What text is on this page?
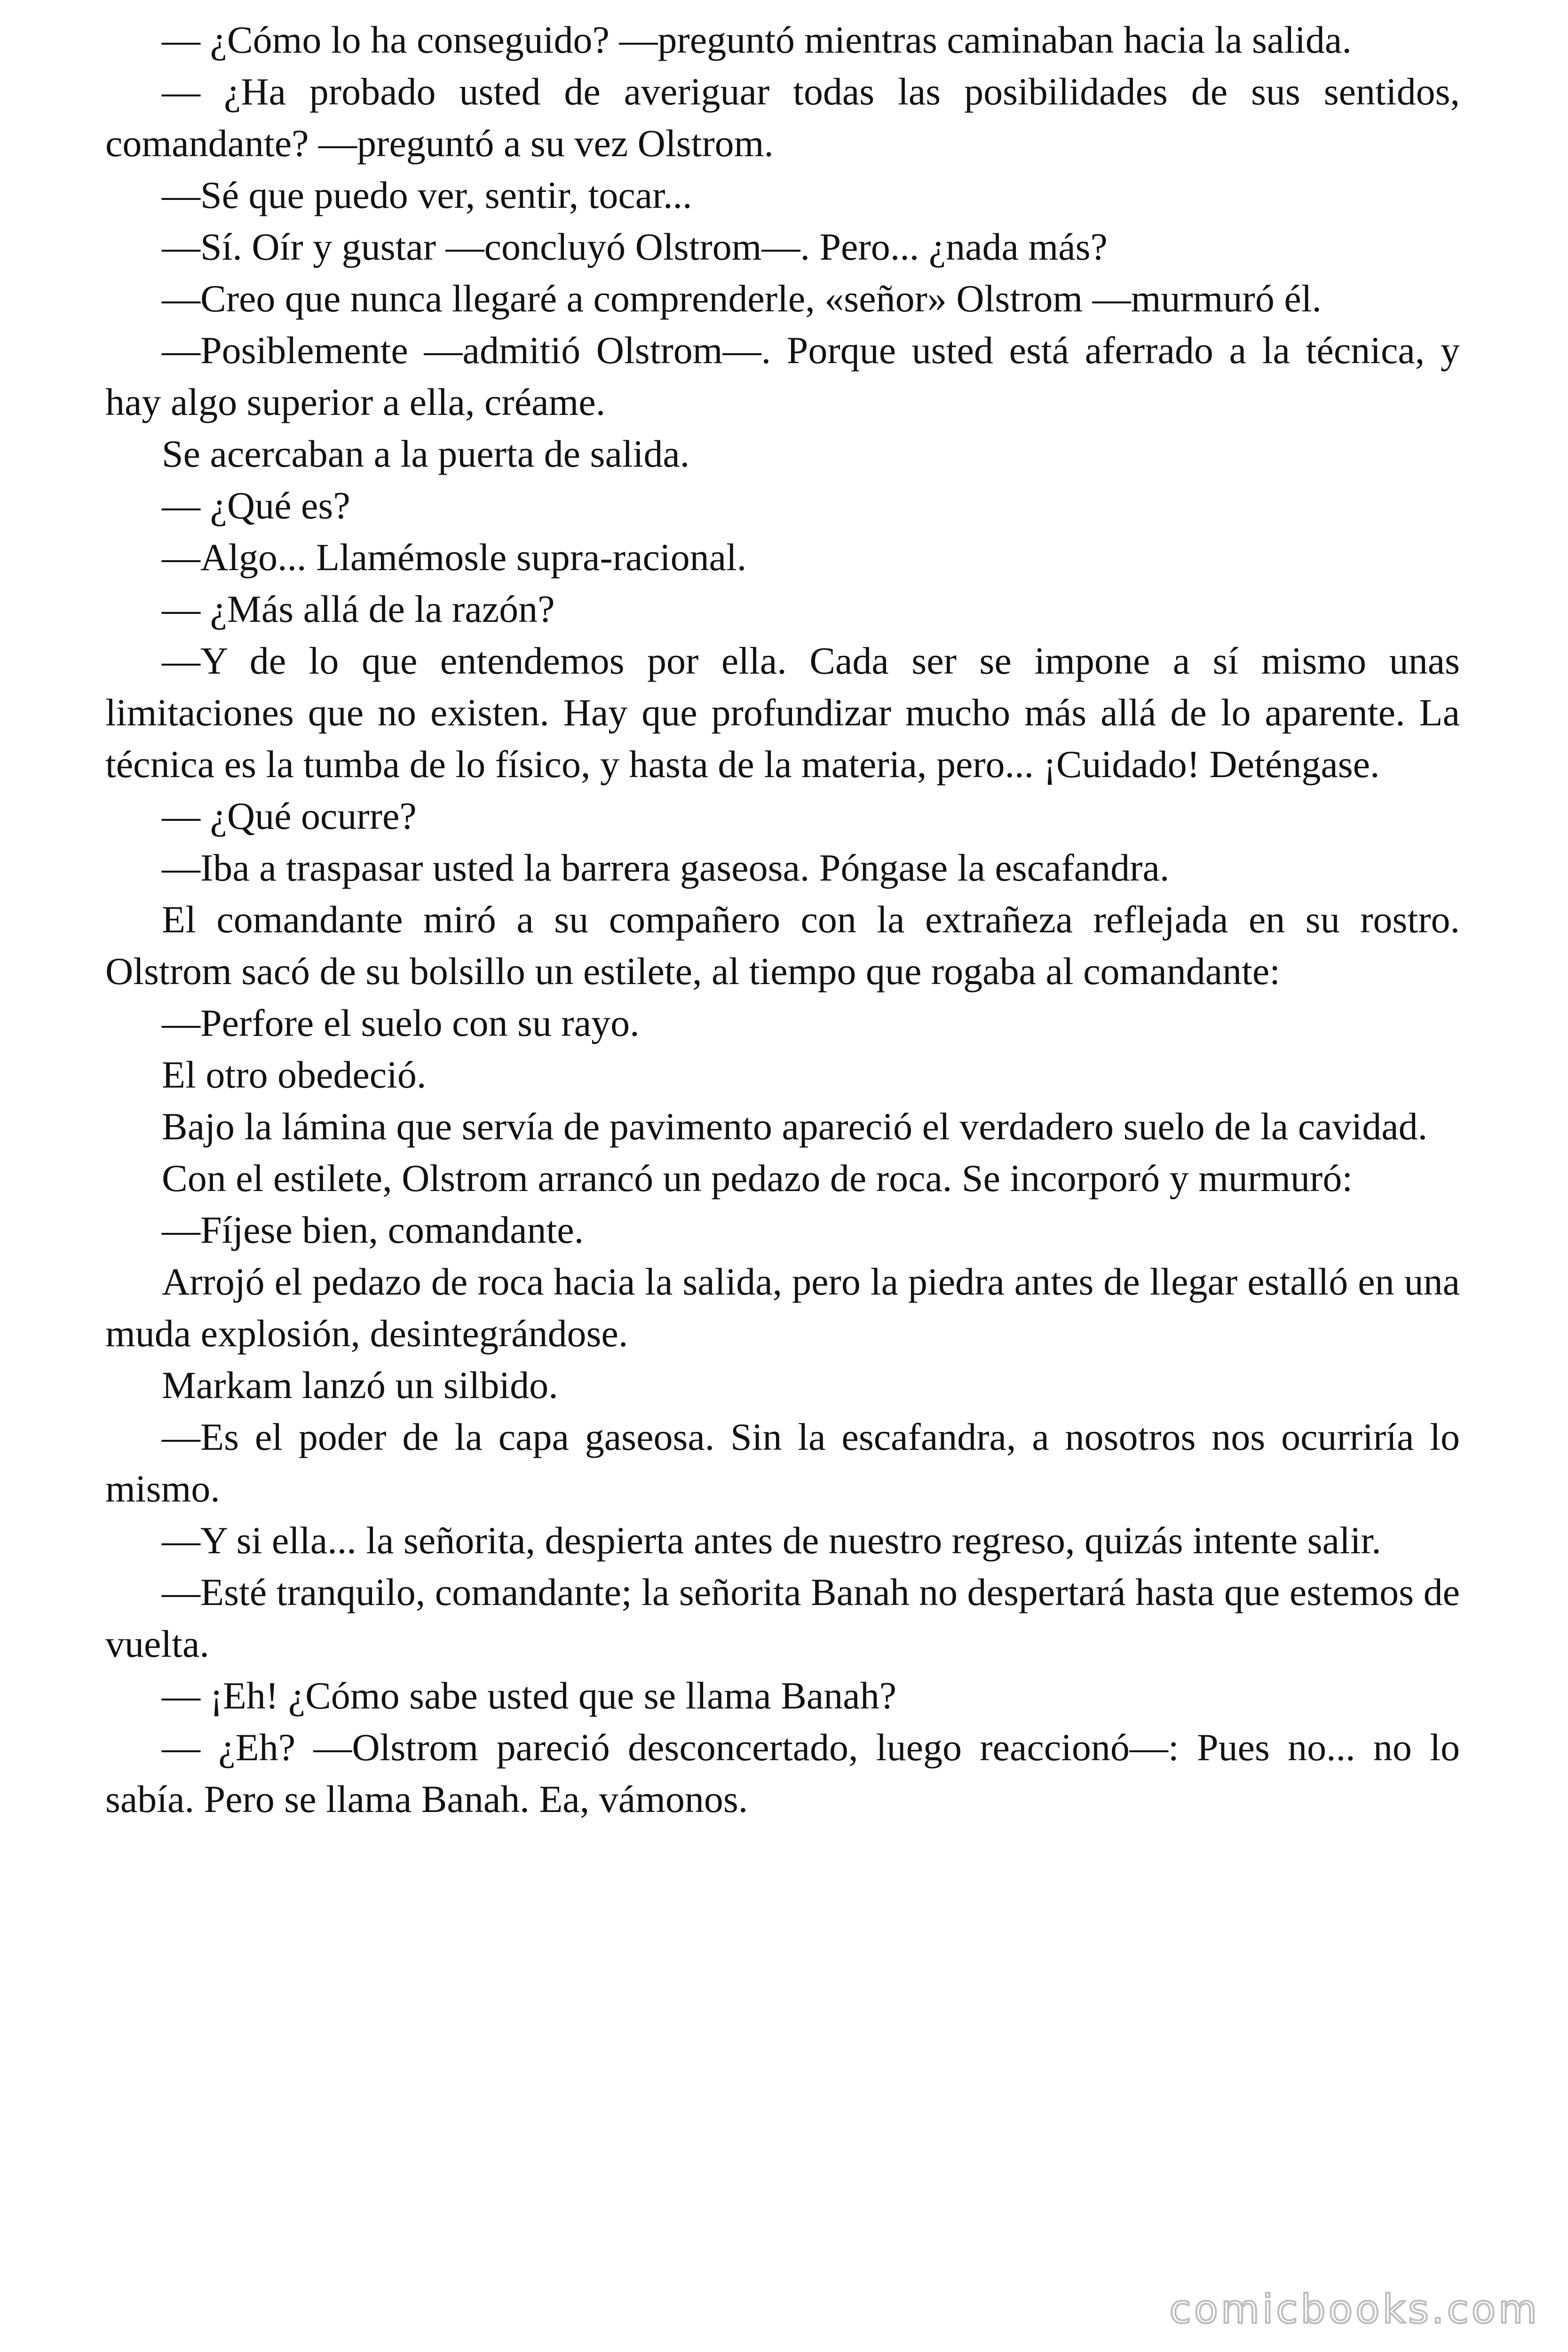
— ¿Cómo lo ha conseguido? —preguntó mientras caminaban hacia la salida.

— ¿Ha probado usted de averiguar todas las posibilidades de sus sentidos, comandante? —preguntó a su vez Olstrom.

—Sé que puedo ver, sentir, tocar...

—Sí. Oír y gustar —concluyó Olstrom—. Pero... ¿nada más?

—Creo que nunca llegaré a comprenderle, «señor» Olstrom —murmuró él.

—Posiblemente —admitió Olstrom—. Porque usted está aferrado a la técnica, y hay algo superior a ella, créame.

Se acercaban a la puerta de salida.

— ¿Qué es?

—Algo... Llamémosle supra-racional.

— ¿Más allá de la razón?

—Y de lo que entendemos por ella. Cada ser se impone a sí mismo unas limitaciones que no existen. Hay que profundizar mucho más allá de lo aparente. La técnica es la tumba de lo físico, y hasta de la materia, pero... ¡Cuidado! Deténgase.

— ¿Qué ocurre?

—Iba a traspasar usted la barrera gaseosa. Póngase la escafandra.

El comandante miró a su compañero con la extrañeza reflejada en su rostro. Olstrom sacó de su bolsillo un estilete, al tiempo que rogaba al comandante:

—Perfore el suelo con su rayo.

El otro obedeció.

Bajo la lámina que servía de pavimento apareció el verdadero suelo de la cavidad.

Con el estilete, Olstrom arrancó un pedazo de roca. Se incorporó y murmuró:

—Fíjese bien, comandante.

Arrojó el pedazo de roca hacia la salida, pero la piedra antes de llegar estalló en una muda explosión, desintegrándose.

Markam lanzó un silbido.

—Es el poder de la capa gaseosa. Sin la escafandra, a nosotros nos ocurriría lo mismo.

—Y si ella... la señorita, despierta antes de nuestro regreso, quizás intente salir.

—Esté tranquilo, comandante; la señorita Banah no despertará hasta que estemos de vuelta.

— ¡Eh! ¿Cómo sabe usted que se llama Banah?

— ¿Eh? —Olstrom pareció desconcertado, luego reaccionó—: Pues no... no lo sabía. Pero se llama Banah. Ea, vámonos.

comicbooks.com
